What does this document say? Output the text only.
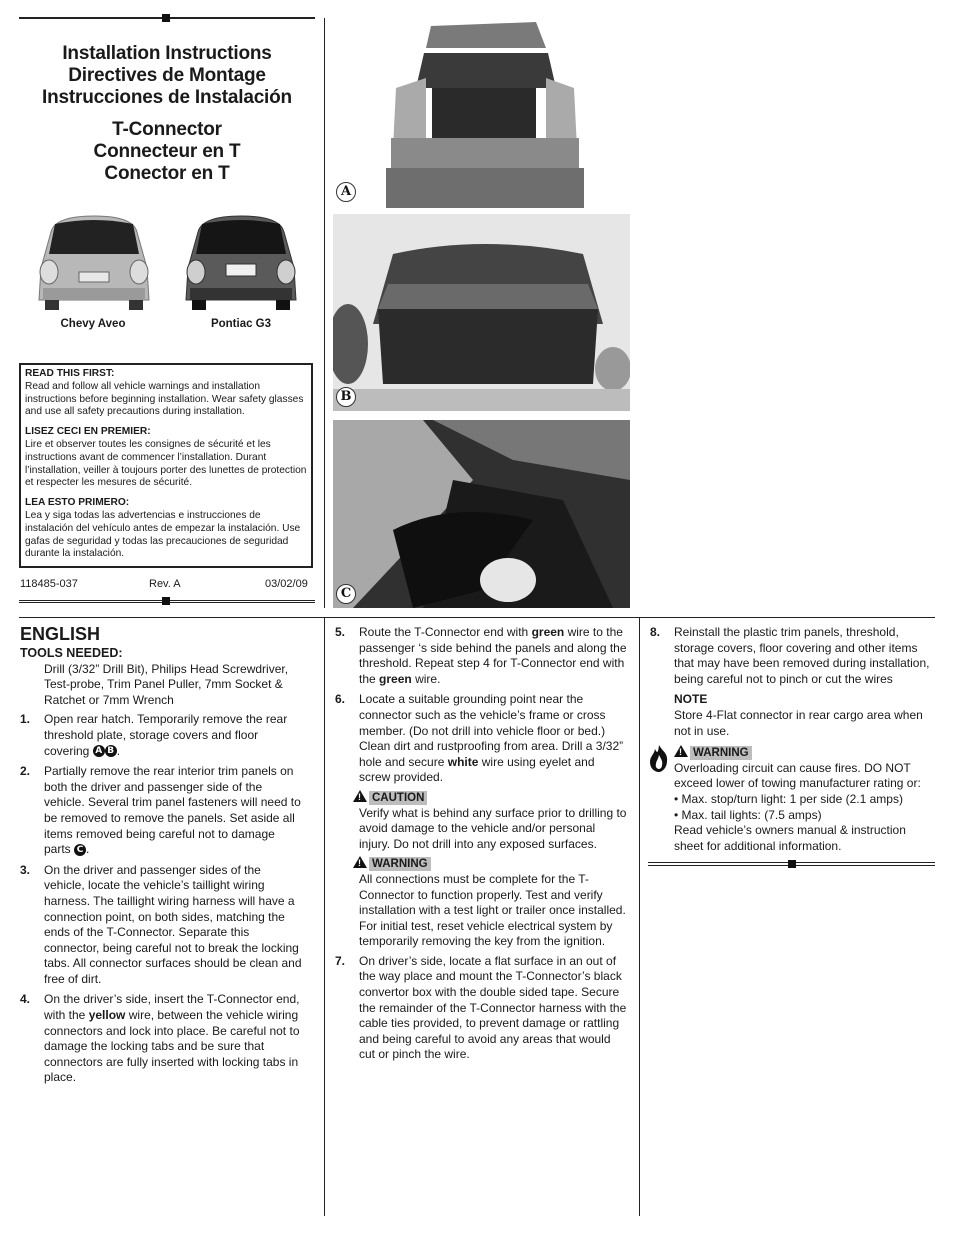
Installation Instructions
Directives de Montage
Instrucciones de Instalación
T-Connector
Connecteur en T
Conector en T
Chevy Aveo	Pontiac G3
READ THIS FIRST:
Read and follow all vehicle warnings and installation instructions before beginning installation. Wear safety glasses and use all safety precautions during installation.
LISEZ CECI EN PREMIER:
Lire et observer toutes les consignes de sécurité et les instructions avant de commencer l’installation. Durant l’installation, veiller à toujours porter des lunettes de protection et respecter les mesures de sécurité.
LEA ESTO PRIMERO:
Lea y siga todas las advertencias e instrucciones de instalación del vehículo antes de empezar la instalación. Use gafas de seguridad y todas las precauciones de seguridad durante la instalación.
118485-037	Rev. A	03/02/09
A
B
C
ENGLISH
TOOLS NEEDED:
Drill (3/32” Drill Bit), Philips Head Screwdriver, Test-probe, Trim Panel Puller, 7mm Socket & Ratchet or 7mm Wrench
1. Open rear hatch. Temporarily remove the rear threshold plate, storage covers and floor covering A B .
2. Partially remove the rear interior trim panels on both the driver and passenger side of the vehicle. Several trim panel fasteners will need to be removed to remove the panels. Set aside all items removed being careful not to damage parts C .
3. On the driver and passenger sides of the vehicle, locate the vehicle’s taillight wiring harness. The taillight wiring harness will have a connection point, on both sides, matching the ends of the T-Connector. Separate this connector, being careful not to break the locking tabs. All connector surfaces should be clean and free of dirt.
4. On the driver’s side, insert the T-Connector end, with the yellow wire, between the vehicle wiring connectors and lock into place. Be careful not to damage the locking tabs and be sure that connectors are fully inserted with locking tabs in place.
5. Route the T-Connector end with green wire to the passenger ‘s side behind the panels and along the threshold. Repeat step 4 for T-Connector end with the green wire.
6. Locate a suitable grounding point near the connector such as the vehicle’s frame or cross member. (Do not drill into vehicle floor or bed.) Clean dirt and rustproofing from area. Drill a 3/32” hole and secure white wire using eyelet and screw provided.
!CAUTION
Verify what is behind any surface prior to drilling to avoid damage to the vehicle and/or personal injury. Do not drill into any exposed surfaces.
!WARNING
All connections must be complete for the T-Connector to function properly. Test and verify installation with a test light or trailer once installed. For initial test, reset vehicle electrical system by temporarily removing the key from the ignition.
7. On driver’s side, locate a flat surface in an out of the way place and mount the T-Connector’s black convertor box with the double sided tape. Secure the remainder of the T-Connector harness with the cable ties provided, to prevent damage or rattling and being careful to avoid any areas that would cut or pinch the wire.
8. Reinstall the plastic trim panels, threshold, storage covers, floor covering and other items that may have been removed during installation, being careful not to pinch or cut the wires
NOTE
Store 4-Flat connector in rear cargo area when not in use.
!WARNING
Overloading circuit can cause fires. DO NOT exceed lower of towing manufacturer rating or:
• Max. stop/turn light: 1 per side (2.1 amps)
• Max. tail lights: (7.5 amps)
Read vehicle’s owners manual & instruction sheet for additional information.
